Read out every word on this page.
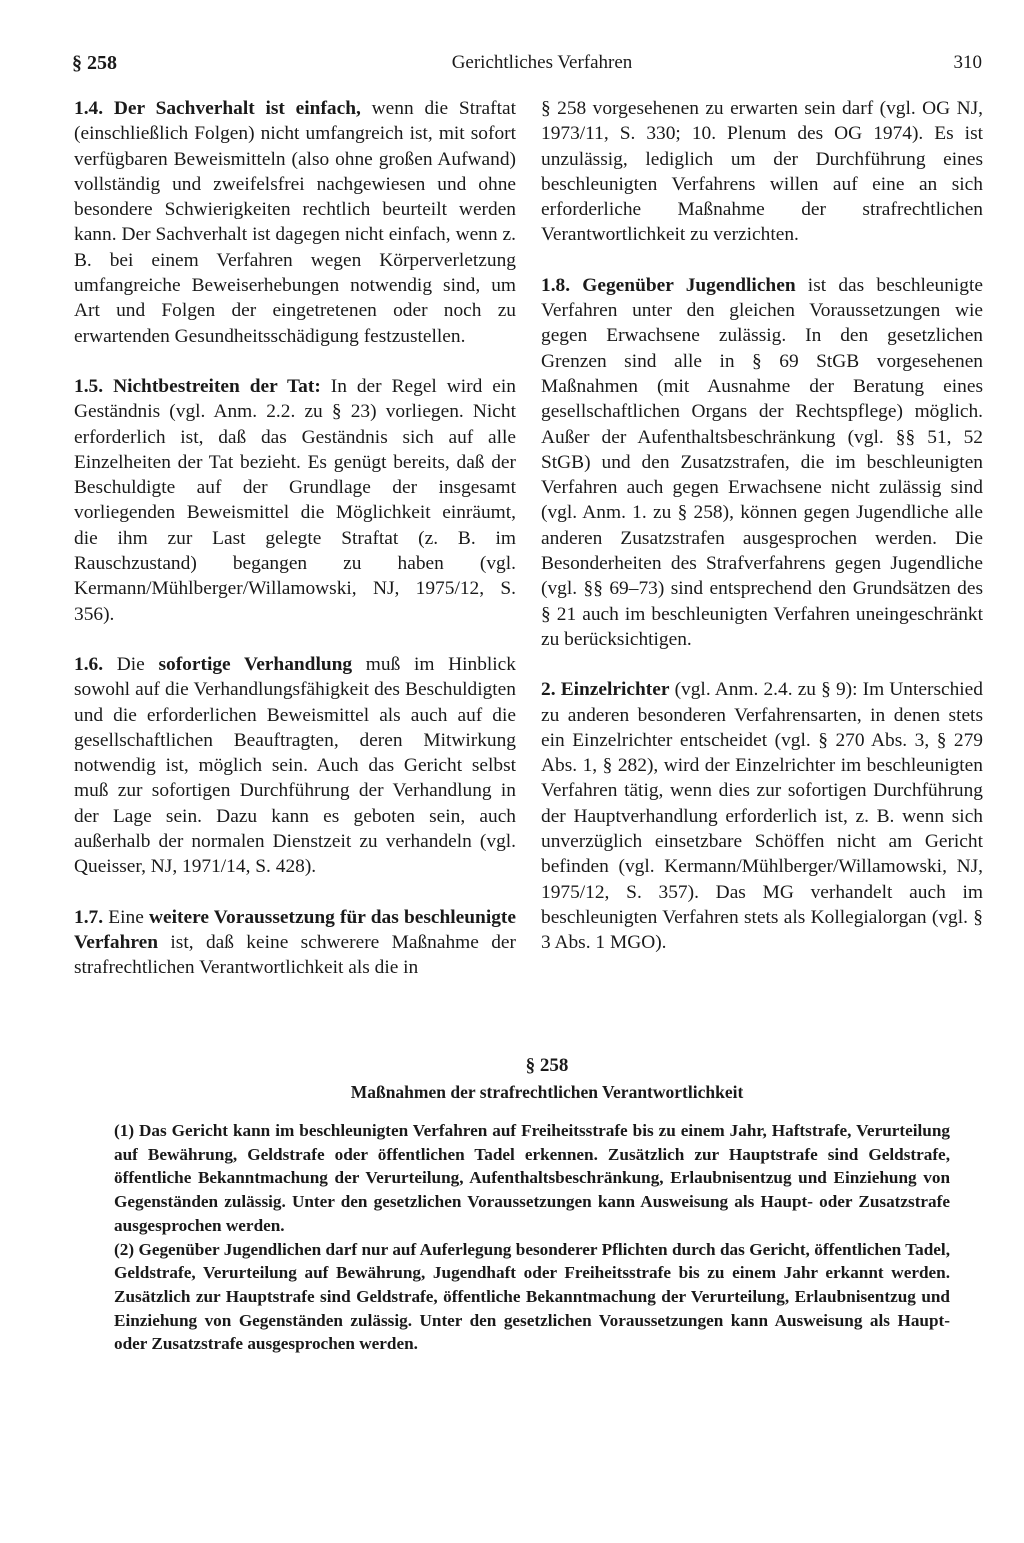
§ 258	Gerichtliches Verfahren	310

1.4. Der Sachverhalt ist einfach, wenn die Straftat (einschließlich Folgen) nicht umfangreich ist, mit sofort verfügbaren Beweismitteln (also ohne großen Aufwand) vollständig und zweifelsfrei nachgewiesen und ohne besondere Schwierigkeiten rechtlich beurteilt werden kann. Der Sachverhalt ist dagegen nicht einfach, wenn z. B. bei einem Verfahren wegen Körperverletzung umfangreiche Beweiserhebungen notwendig sind, um Art und Folgen der eingetretenen oder noch zu erwartenden Gesundheitsschädigung festzustellen.

1.5. Nichtbestreiten der Tat: In der Regel wird ein Geständnis (vgl. Anm. 2.2. zu § 23) vorliegen. Nicht erforderlich ist, daß das Geständnis sich auf alle Einzelheiten der Tat bezieht. Es genügt bereits, daß der Beschuldigte auf der Grundlage der insgesamt vorliegenden Beweismittel die Möglichkeit einräumt, die ihm zur Last gelegte Straftat (z. B. im Rauschzustand) begangen zu haben (vgl. Kermann/Mühlberger/Willamowski, NJ, 1975/12, S. 356).

1.6. Die sofortige Verhandlung muß im Hinblick sowohl auf die Verhandlungsfähigkeit des Beschuldigten und die erforderlichen Beweismittel als auch auf die gesellschaftlichen Beauftragten, deren Mitwirkung notwendig ist, möglich sein. Auch das Gericht selbst muß zur sofortigen Durchführung der Verhandlung in der Lage sein. Dazu kann es geboten sein, auch außerhalb der normalen Dienstzeit zu verhandeln (vgl. Queisser, NJ, 1971/14, S. 428).

1.7. Eine weitere Voraussetzung für das beschleunigte Verfahren ist, daß keine schwerere Maßnahme der strafrechtlichen Verantwortlichkeit als die in

§ 258 vorgesehenen zu erwarten sein darf (vgl. OG NJ, 1973/11, S. 330; 10. Plenum des OG 1974). Es ist unzulässig, lediglich um der Durchführung eines beschleunigten Verfahrens willen auf eine an sich erforderliche Maßnahme der strafrechtlichen Verantwortlichkeit zu verzichten.

1.8. Gegenüber Jugendlichen ist das beschleunigte Verfahren unter den gleichen Voraussetzungen wie gegen Erwachsene zulässig. In den gesetzlichen Grenzen sind alle in § 69 StGB vorgesehenen Maßnahmen (mit Ausnahme der Beratung eines gesellschaftlichen Organs der Rechtspflege) möglich. Außer der Aufenthaltsbeschränkung (vgl. §§ 51, 52 StGB) und den Zusatzstrafen, die im beschleunigten Verfahren auch gegen Erwachsene nicht zulässig sind (vgl. Anm. 1. zu § 258), können gegen Jugendliche alle anderen Zusatzstrafen ausgesprochen werden. Die Besonderheiten des Strafverfahrens gegen Jugendliche (vgl. §§ 69–73) sind entsprechend den Grundsätzen des § 21 auch im beschleunigten Verfahren uneingeschränkt zu berücksichtigen.

2. Einzelrichter (vgl. Anm. 2.4. zu § 9): Im Unterschied zu anderen besonderen Verfahrensarten, in denen stets ein Einzelrichter entscheidet (vgl. § 270 Abs. 3, § 279 Abs. 1, § 282), wird der Einzelrichter im beschleunigten Verfahren tätig, wenn dies zur sofortigen Durchführung der Hauptverhandlung erforderlich ist, z. B. wenn sich unverzüglich einsetzbare Schöffen nicht am Gericht befinden (vgl. Kermann/Mühlberger/Willamowski, NJ, 1975/12, S. 357). Das MG verhandelt auch im beschleunigten Verfahren stets als Kollegialorgan (vgl. § 3 Abs. 1 MGO).

§ 258
Maßnahmen der strafrechtlichen Verantwortlichkeit

(1) Das Gericht kann im beschleunigten Verfahren auf Freiheitsstrafe bis zu einem Jahr, Haftstrafe, Verurteilung auf Bewährung, Geldstrafe oder öffentlichen Tadel erkennen. Zusätzlich zur Hauptstrafe sind Geldstrafe, öffentliche Bekanntmachung der Verurteilung, Aufenthaltsbeschränkung, Erlaubnisentzug und Einziehung von Gegenständen zulässig. Unter den gesetzlichen Voraussetzungen kann Ausweisung als Haupt- oder Zusatzstrafe ausgesprochen werden.

(2) Gegenüber Jugendlichen darf nur auf Auferlegung besonderer Pflichten durch das Gericht, öffentlichen Tadel, Geldstrafe, Verurteilung auf Bewährung, Jugendhaft oder Freiheitsstrafe bis zu einem Jahr erkannt werden. Zusätzlich zur Hauptstrafe sind Geldstrafe, öffentliche Bekanntmachung der Verurteilung, Erlaubnisentzug und Einziehung von Gegenständen zulässig. Unter den gesetzlichen Voraussetzungen kann Ausweisung als Haupt- oder Zusatzstrafe ausgesprochen werden.
